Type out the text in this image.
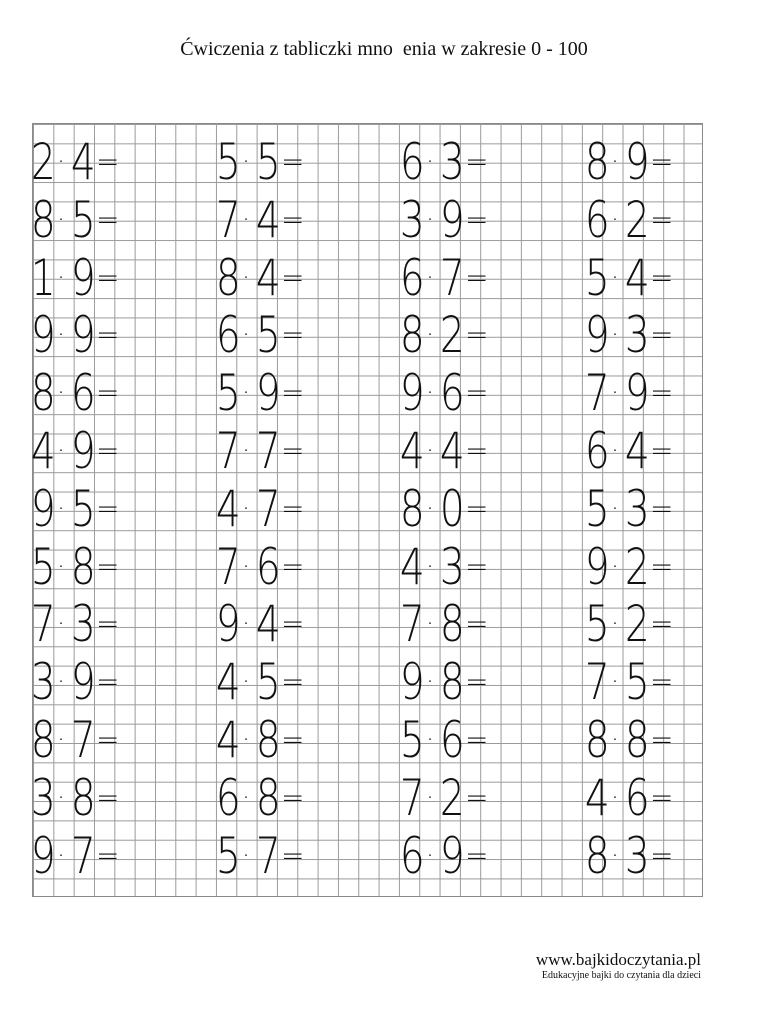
Ćwiczenia z tabliczki mno  enia w zakresie 0 - 100
2 · 4 =
8 · 5 =
1 · 9 =
9 · 9 =
8 · 6 =
4 · 9 =
9 · 5 =
5 · 8 =
7 · 3 =
3 · 9 =
8 · 7 =
3 · 8 =
9 · 7 =
5 · 5 =
7 · 4 =
8 · 4 =
6 · 5 =
5 · 9 =
7 · 7 =
4 · 7 =
7 · 6 =
9 · 4 =
4 · 5 =
4 · 8 =
6 · 8 =
5 · 7 =
6 · 3 =
3 · 9 =
6 · 7 =
8 · 2 =
9 · 6 =
4 · 4 =
8 · 0 =
4 · 3 =
7 · 8 =
9 · 8 =
5 · 6 =
7 · 2 =
6 · 9 =
8 · 9 =
6 · 2 =
5 · 4 =
9 · 3 =
7 · 9 =
6 · 4 =
5 · 3 =
9 · 2 =
5 · 2 =
7 · 5 =
8 · 8 =
4 · 6 =
8 · 3 =
www.bajkidoczytania.pl
Edukacyjne bajki do czytania dla dzieci
